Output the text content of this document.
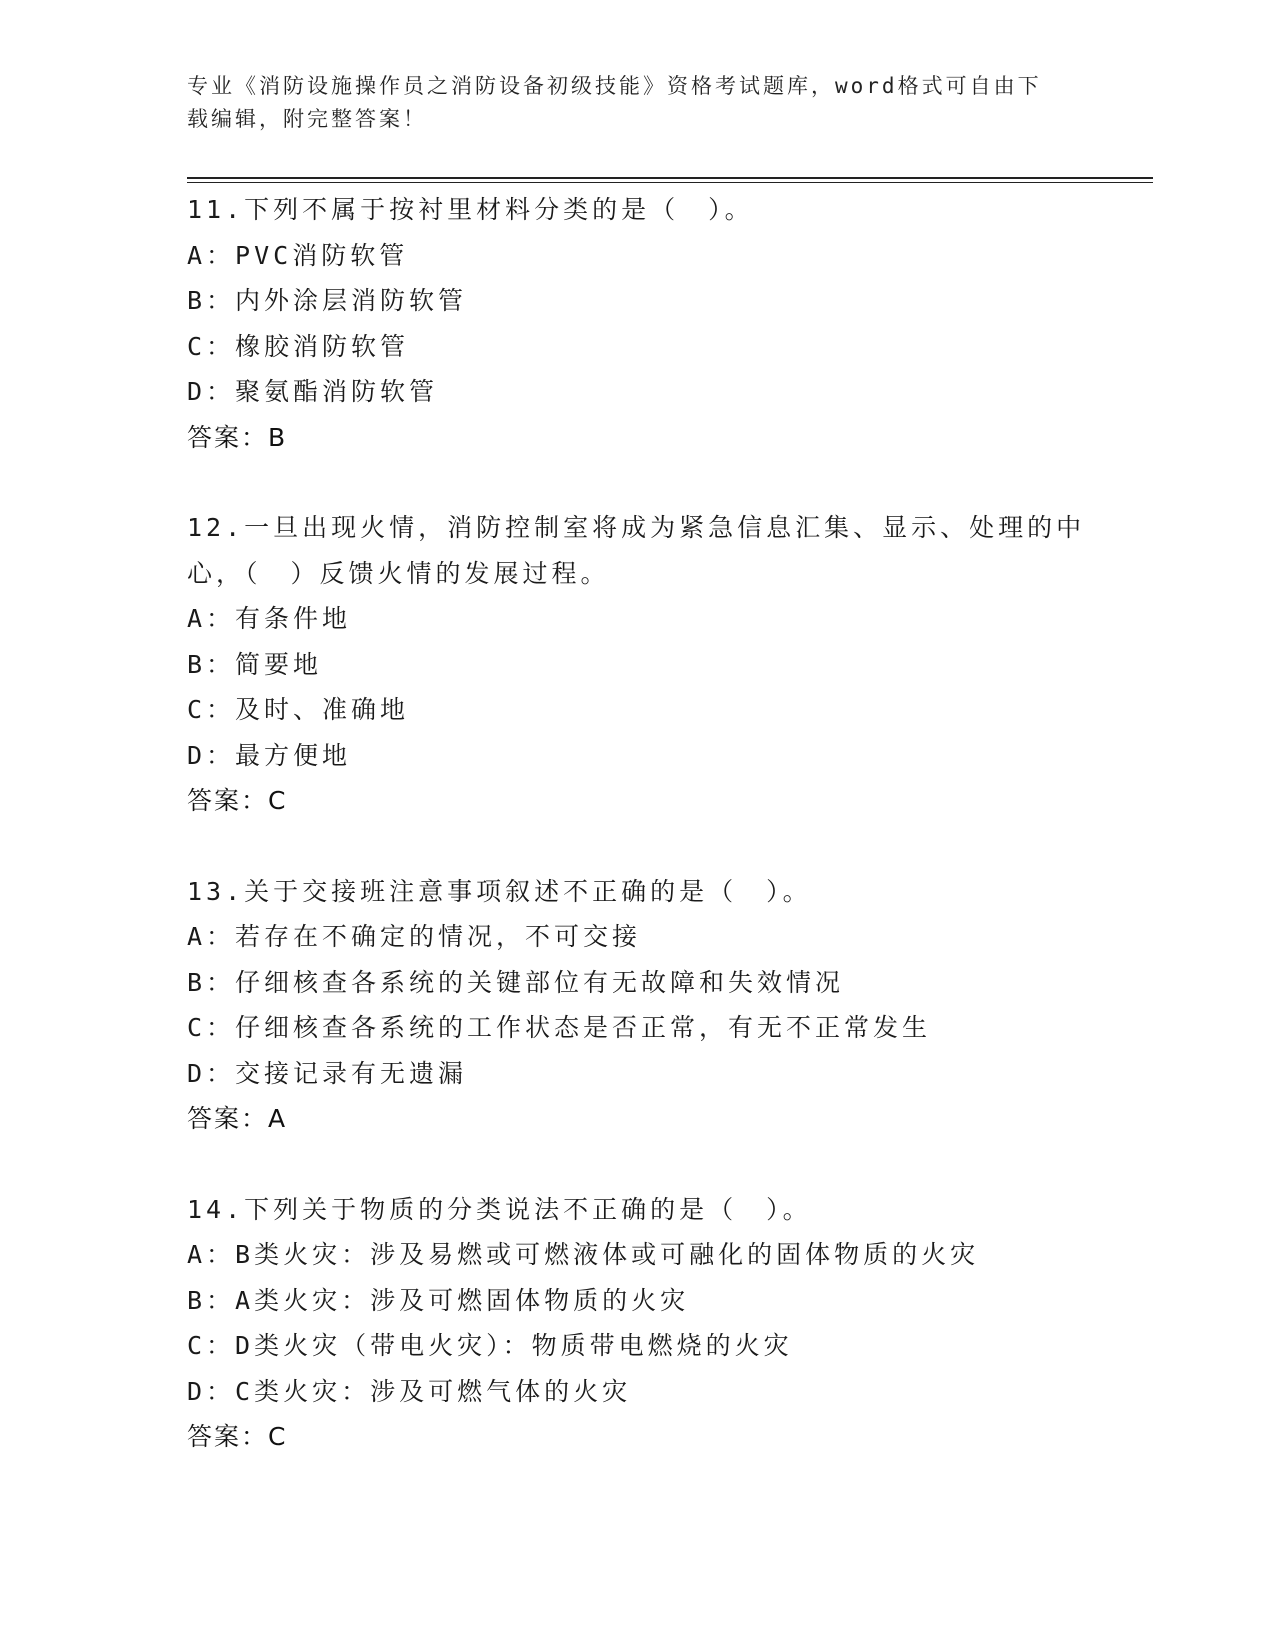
专业《消防设施操作员之消防设备初级技能》资格考试题库，word格式可自由下
载编辑，附完整答案！
11.下列不属于按衬里材料分类的是（　）。
A：PVC消防软管
B：内外涂层消防软管
C：橡胶消防软管
D：聚氨酯消防软管
答案：B
12.一旦出现火情，消防控制室将成为紧急信息汇集、显示、处理的中心，（　）反馈火情的发展过程。
A：有条件地
B：简要地
C：及时、准确地
D：最方便地
答案：C
13.关于交接班注意事项叙述不正确的是（　）。
A：若存在不确定的情况，不可交接
B：仔细核查各系统的关键部位有无故障和失效情况
C：仔细核查各系统的工作状态是否正常，有无不正常发生
D：交接记录有无遗漏
答案：A
14.下列关于物质的分类说法不正确的是（　）。
A：B类火灾：涉及易燃或可燃液体或可融化的固体物质的火灾
B：A类火灾：涉及可燃固体物质的火灾
C：D类火灾（带电火灾）：物质带电燃烧的火灾
D：C类火灾：涉及可燃气体的火灾
答案：C
